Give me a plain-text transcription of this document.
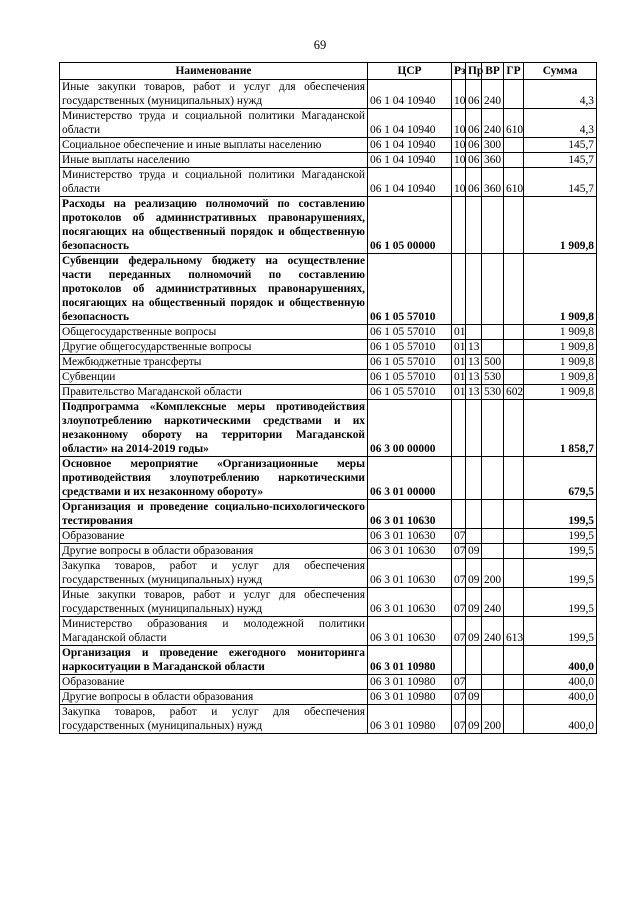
69
Наименование	ЦСР	Рз	Пр	ВР	ГР	Сумма
Иные закупки товаров, работ и услуг для обеспечения государственных (муниципальных) нужд	06 1 04 10940	10	06	240		4,3
Министерство труда и социальной политики Магаданской области	06 1 04 10940	10	06	240	610	4,3
Социальное обеспечение и иные выплаты населению	06 1 04 10940	10	06	300		145,7
Иные выплаты населению	06 1 04 10940	10	06	360		145,7
Министерство труда и социальной политики Магаданской области	06 1 04 10940	10	06	360	610	145,7
Расходы на реализацию полномочий по составлению протоколов об административных правонарушениях, посягающих на общественный порядок и общественную безопасность	06 1 05 00000					1 909,8
Субвенции федеральному бюджету на осуществление части переданных полномочий по составлению протоколов об административных правонарушениях, посягающих на общественный порядок и общественную безопасность	06 1 05 57010					1 909,8
Общегосударственные вопросы	06 1 05 57010	01				1 909,8
Другие общегосударственные вопросы	06 1 05 57010	01	13			1 909,8
Межбюджетные трансферты	06 1 05 57010	01	13	500		1 909,8
Субвенции	06 1 05 57010	01	13	530		1 909,8
Правительство Магаданской области	06 1 05 57010	01	13	530	602	1 909,8
Подпрограмма «Комплексные меры противодействия злоупотреблению наркотическими средствами и их незаконному обороту на территории Магаданской области» на 2014-2019 годы»	06 3 00 00000					1 858,7
Основное мероприятие «Организационные меры противодействия злоупотреблению наркотическими средствами и их незаконному обороту»	06 3 01 00000					679,5
Организация и проведение социально-психологического тестирования	06 3 01 10630					199,5
Образование	06 3 01 10630	07				199,5
Другие вопросы в области образования	06 3 01 10630	07	09			199,5
Закупка товаров, работ и услуг для обеспечения государственных (муниципальных) нужд	06 3 01 10630	07	09	200		199,5
Иные закупки товаров, работ и услуг для обеспечения государственных (муниципальных) нужд	06 3 01 10630	07	09	240		199,5
Министерство образования и молодежной политики Магаданской области	06 3 01 10630	07	09	240	613	199,5
Организация и проведение ежегодного мониторинга наркоситуации в Магаданской области	06 3 01 10980					400,0
Образование	06 3 01 10980	07				400,0
Другие вопросы в области образования	06 3 01 10980	07	09			400,0
Закупка товаров, работ и услуг для обеспечения государственных (муниципальных) нужд	06 3 01 10980	07	09	200		400,0
